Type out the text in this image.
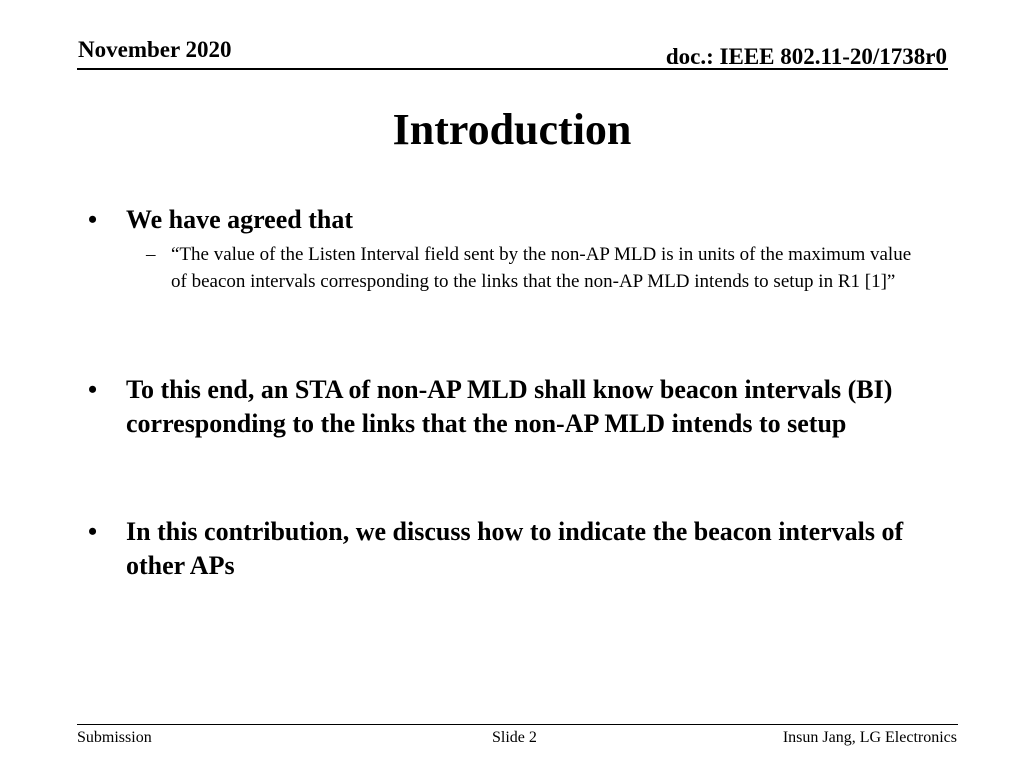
November 2020	doc.: IEEE 802.11-20/1738r0
Introduction
• We have agreed that
– “The value of the Listen Interval field sent by the non-AP MLD is in units of the maximum value of beacon intervals corresponding to the links that the non-AP MLD intends to setup in R1 [1]”
• To this end, an STA of non-AP MLD shall know beacon intervals (BI) corresponding to the links that the non-AP MLD intends to setup
• In this contribution, we discuss how to indicate the beacon intervals of other APs
Submission	Slide 2	Insun Jang, LG Electronics
